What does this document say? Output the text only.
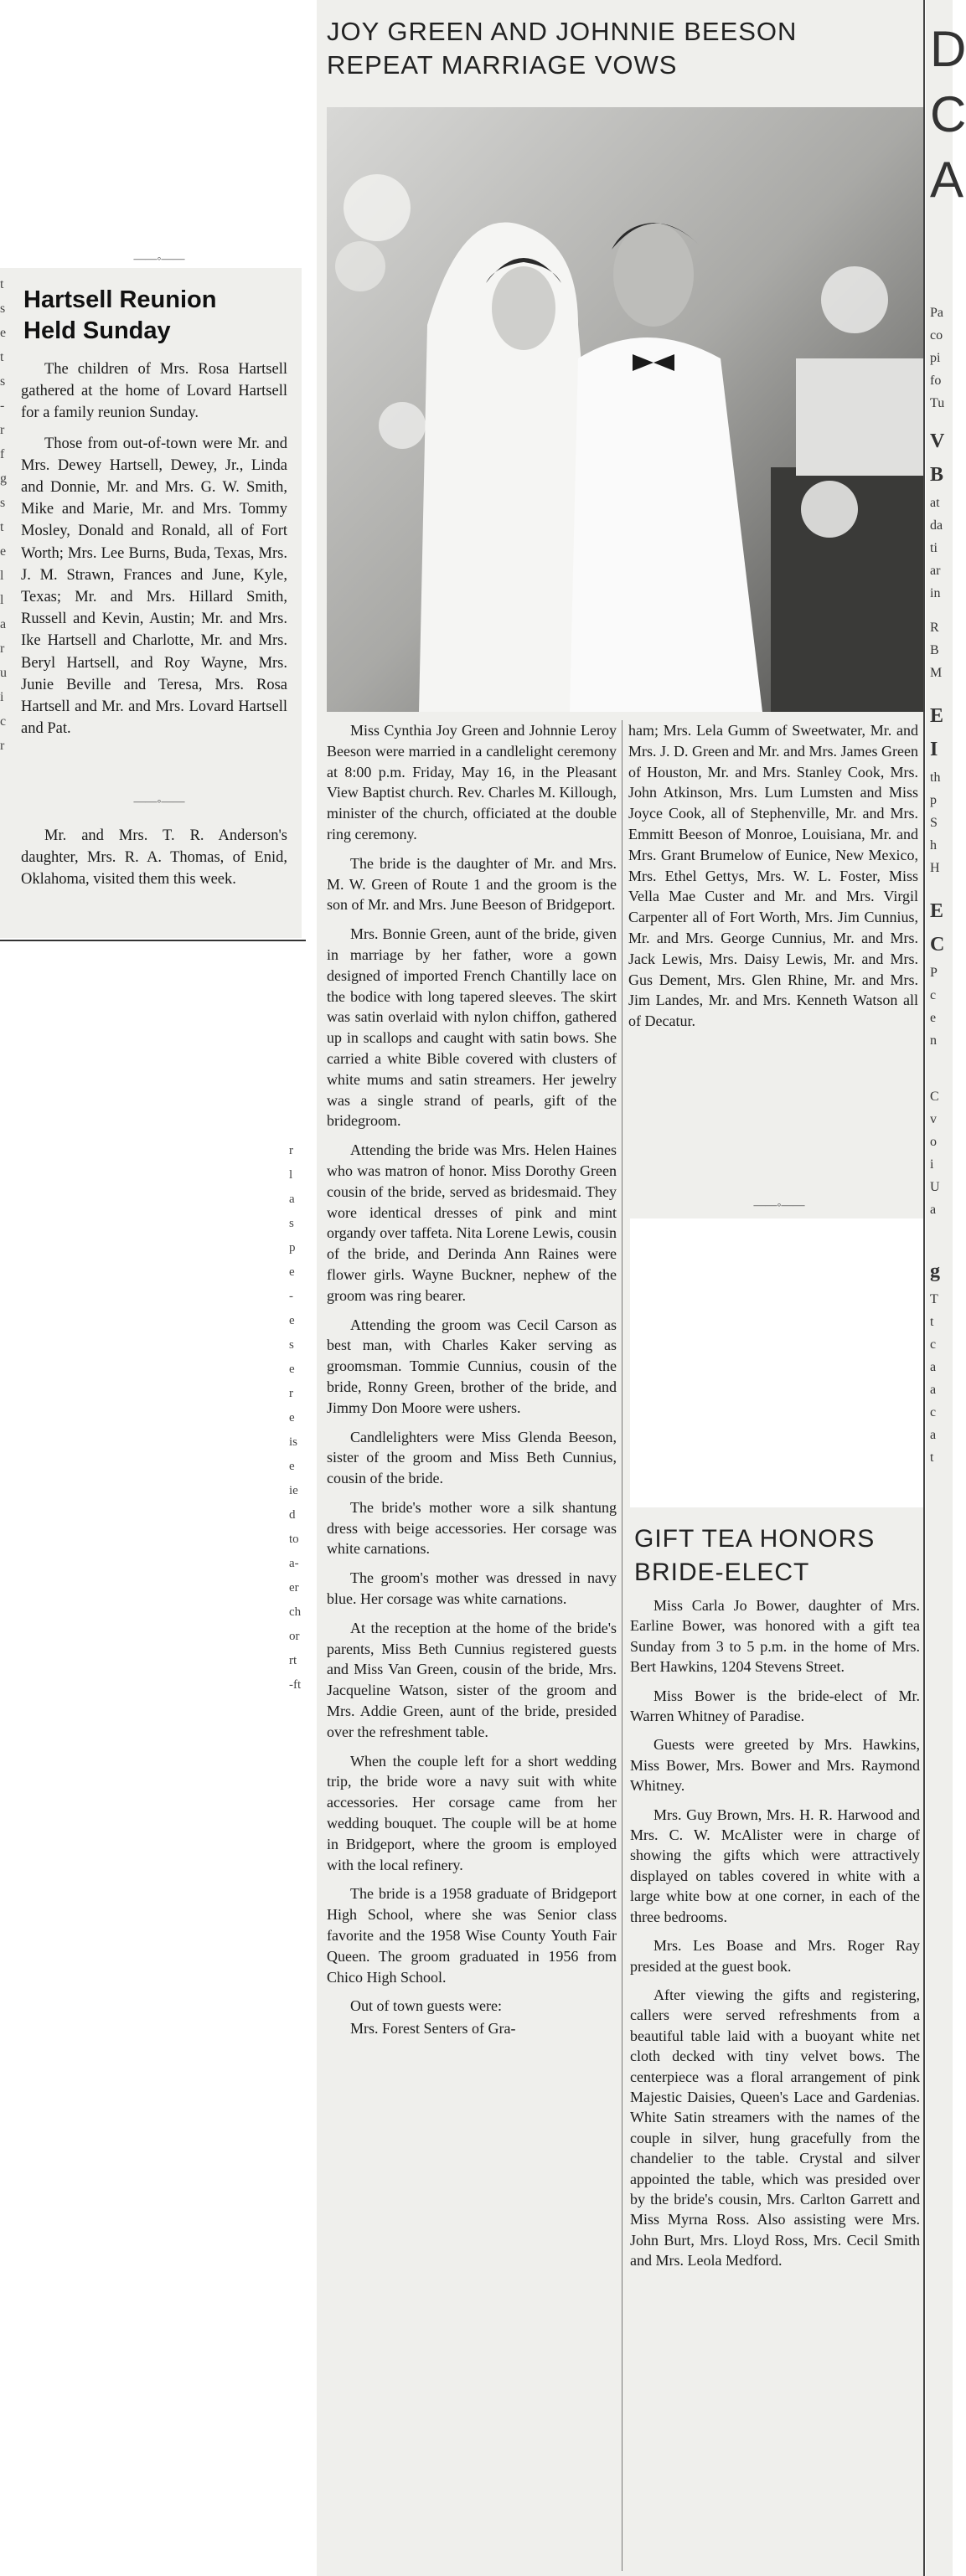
t
s
e
t
s
-
r
f
g
s
t
e
l
l
a
r
u
i
c
r
——◦——
Hartsell Reunion
Held Sunday

The children of Mrs. Rosa Hartsell gathered at the home of Lovard Hartsell for a family reunion Sunday.

Those from out-of-town were Mr. and Mrs. Dewey Hartsell, Dewey, Jr., Linda and Donnie, Mr. and Mrs. G. W. Smith, Mike and Marie, Mr. and Mrs. Tommy Mosley, Donald and Ronald, all of Fort Worth; Mrs. Lee Burns, Buda, Texas, Mrs. J. M. Strawn, Frances and June, Kyle, Texas; Mr. and Mrs. Hillard Smith, Russell and Kevin, Austin; Mr. and Mrs. Ike Hartsell and Charlotte, Mr. and Mrs. Beryl Hartsell, and Roy Wayne, Mrs. Junie Beville and Teresa, Mrs. Rosa Hartsell and Mr. and Mrs. Lovard Hartsell and Pat.

——◦——

Mr. and Mrs. T. R. Anderson's daughter, Mrs. R. A. Thomas, of Enid, Oklahoma, visited them this week.

r
l
a
s
p
e
-
e
s
e
r
e
is
e
ie
d
to
a-
er
ch
or
rt
-ft
JOY GREEN AND JOHNNIE BEESON
REPEAT MARRIAGE VOWS

Miss Cynthia Joy Green and Johnnie Leroy Beeson were married in a candlelight ceremony at 8:00 p.m. Friday, May 16, in the Pleasant View Baptist church. Rev. Charles M. Killough, minister of the church, officiated at the double ring ceremony.

The bride is the daughter of Mr. and Mrs. M. W. Green of Route 1 and the groom is the son of Mr. and Mrs. June Beeson of Bridgeport.

Mrs. Bonnie Green, aunt of the bride, given in marriage by her father, wore a gown designed of imported French Chantilly lace on the bodice with long tapered sleeves. The skirt was satin overlaid with nylon chiffon, gathered up in scallops and caught with satin bows. She carried a white Bible covered with clusters of white mums and satin streamers. Her jewelry was a single strand of pearls, gift of the bridegroom.

Attending the bride was Mrs. Helen Haines who was matron of honor. Miss Dorothy Green cousin of the bride, served as bridesmaid. They wore identical dresses of pink and mint organdy over taffeta. Nita Lorene Lewis, cousin of the bride, and Derinda Ann Raines were flower girls. Wayne Buckner, nephew of the groom was ring bearer.

Attending the groom was Cecil Carson as best man, with Charles Kaker serving as groomsman. Tommie Cunnius, cousin of the bride, Ronny Green, brother of the bride, and Jimmy Don Moore were ushers.

Candlelighters were Miss Glenda Beeson, sister of the groom and Miss Beth Cunnius, cousin of the bride.

The bride's mother wore a silk shantung dress with beige accessories. Her corsage was white carnations.

The groom's mother was dressed in navy blue. Her corsage was white carnations.

At the reception at the home of the bride's parents, Miss Beth Cunnius registered guests and Miss Van Green, cousin of the bride, Mrs. Jacqueline Watson, sister of the groom and Mrs. Addie Green, aunt of the bride, presided over the refreshment table.

When the couple left for a short wedding trip, the bride wore a navy suit with white accessories. Her corsage came from her wedding bouquet. The couple will be at home in Bridgeport, where the groom is employed with the local refinery.

The bride is a 1958 graduate of Bridgeport High School, where she was Senior class favorite and the 1958 Wise County Youth Fair Queen. The groom graduated in 1956 from Chico High School.

Out of town guests were:

Mrs. Forest Senters of Gra-

ham; Mrs. Lela Gumm of Sweetwater, Mr. and Mrs. J. D. Green and Mr. and Mrs. James Green of Houston, Mr. and Mrs. Stanley Cook, Mrs. John Atkinson, Mrs. Lum Lumsten and Miss Joyce Cook, all of Stephenville, Mr. and Mrs. Emmitt Beeson of Monroe, Louisiana, Mr. and Mrs. Grant Brumelow of Eunice, New Mexico, Mrs. Ethel Gettys, Mrs. W. L. Foster, Miss Vella Mae Custer and Mr. and Mrs. Virgil Carpenter all of Fort Worth, Mrs. Jim Cunnius, Mr. and Mrs. George Cunnius, Mr. and Mrs. Jack Lewis, Mrs. Daisy Lewis, Mr. and Mrs. Gus Dement, Mrs. Glen Rhine, Mr. and Mrs. Jim Landes, Mr. and Mrs. Kenneth Watson all of Decatur.

——◦——
GIFT TEA HONORS
BRIDE-ELECT

Miss Carla Jo Bower, daughter of Mrs. Earline Bower, was honored with a gift tea Sunday from 3 to 5 p.m. in the home of Mrs. Bert Hawkins, 1204 Stevens Street.

Miss Bower is the bride-elect of Mr. Warren Whitney of Paradise.

Guests were greeted by Mrs. Hawkins, Miss Bower, Mrs. Bower and Mrs. Raymond Whitney.

Mrs. Guy Brown, Mrs. H. R. Harwood and Mrs. C. W. McAlister were in charge of showing the gifts which were attractively displayed on tables covered in white with a large white bow at one corner, in each of the three bedrooms.

Mrs. Les Boase and Mrs. Roger Ray presided at the guest book.

After viewing the gifts and registering, callers were served refreshments from a beautiful table laid with a buoyant white net cloth decked with tiny velvet bows. The centerpiece was a floral arrangement of pink Majestic Daisies, Queen's Lace and Gardenias. White Satin streamers with the names of the couple in silver, hung gracefully from the chandelier to the table. Crystal and silver appointed the table, which was presided over by the bride's cousin, Mrs. Carlton Garrett and Miss Myrna Ross. Also assisting were Mrs. John Burt, Mrs. Lloyd Ross, Mrs. Cecil Smith and Mrs. Leola Medford.

D
C
A
Pa
co
pi
fo
Tu
V
B
at
da
ti
ar
in
R
B
M
E
I
th
p
S
h
H
E
C
P
c
e
n
C
v
o
i
U
a
g
T
t
c
a
a
c
a
t
